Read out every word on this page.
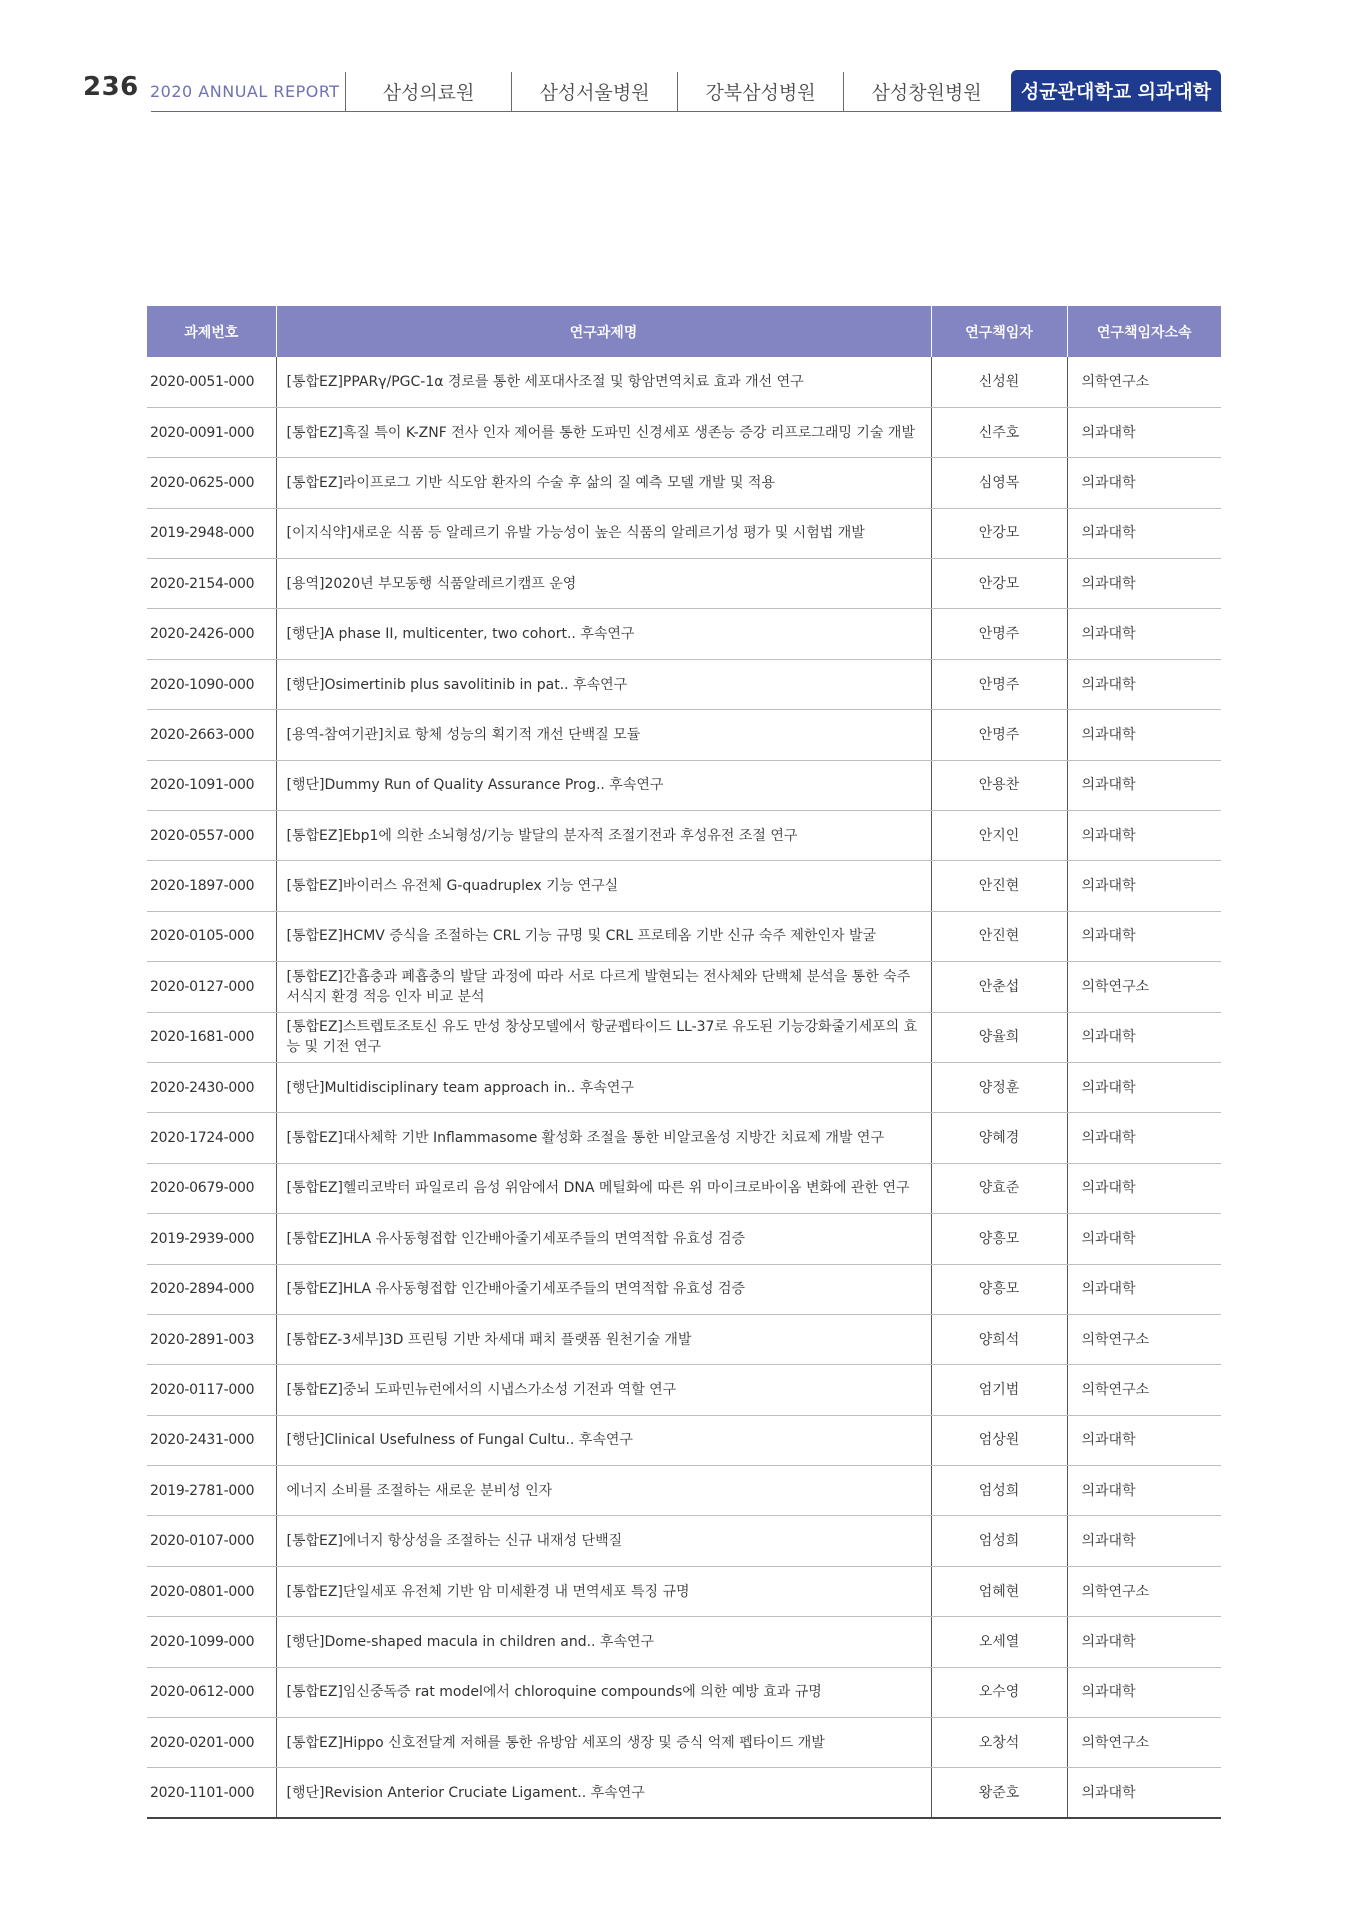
236 2020 ANNUAL REPORT	삼성의료원	삼성서울병원	강북삼성병원	삼성창원병원	성균관대학교 의과대학
과제번호	연구과제명	연구책임자	연구책임자소속
2020-0051-000	[통합EZ]PPARγ/PGC-1α 경로를 통한 세포대사조절 및 항암면역치료 효과 개선 연구	신성원	의학연구소
2020-0091-000	[통합EZ]흑질 특이 K-ZNF 전사 인자 제어를 통한 도파민 신경세포 생존능 증강 리프로그래밍 기술 개발	신주호	의과대학
2020-0625-000	[통합EZ]라이프로그 기반 식도암 환자의 수술 후 삶의 질 예측 모델 개발 및 적용	심영목	의과대학
2019-2948-000	[이지식약]새로운 식품 등 알레르기 유발 가능성이 높은 식품의 알레르기성 평가 및 시험법 개발	안강모	의과대학
2020-2154-000	[용역]2020년 부모동행 식품알레르기캠프 운영	안강모	의과대학
2020-2426-000	[행단]A phase II, multicenter, two cohort.. 후속연구	안명주	의과대학
2020-1090-000	[행단]Osimertinib plus savolitinib in pat.. 후속연구	안명주	의과대학
2020-2663-000	[용역-참여기관]치료 항체 성능의 획기적 개선 단백질 모듈	안명주	의과대학
2020-1091-000	[행단]Dummy Run of Quality Assurance Prog.. 후속연구	안용찬	의과대학
2020-0557-000	[통합EZ]Ebp1에 의한 소뇌형성/기능 발달의 분자적 조절기전과 후성유전 조절 연구	안지인	의과대학
2020-1897-000	[통합EZ]바이러스 유전체 G-quadruplex 기능 연구실	안진현	의과대학
2020-0105-000	[통합EZ]HCMV 증식을 조절하는 CRL 기능 규명 및 CRL 프로테옴 기반 신규 숙주 제한인자 발굴	안진현	의과대학
2020-0127-000	[통합EZ]간흡충과 폐흡충의 발달 과정에 따라 서로 다르게 발현되는 전사체와 단백체 분석을 통한 숙주 서식지 환경 적응 인자 비교 분석	안춘섭	의학연구소
2020-1681-000	[통합EZ]스트렙토조토신 유도 만성 창상모델에서 항균펩타이드 LL-37로 유도된 기능강화줄기세포의 효능 및 기전 연구	양율희	의과대학
2020-2430-000	[행단]Multidisciplinary team approach in.. 후속연구	양정훈	의과대학
2020-1724-000	[통합EZ]대사체학 기반 Inflammasome 활성화 조절을 통한 비알코올성 지방간 치료제 개발 연구	양혜경	의과대학
2020-0679-000	[통합EZ]헬리코박터 파일로리 음성 위암에서 DNA 메틸화에 따른 위 마이크로바이옴 변화에 관한 연구	양효준	의과대학
2019-2939-000	[통합EZ]HLA 유사동형접합 인간배아줄기세포주들의 면역적합 유효성 검증	양흥모	의과대학
2020-2894-000	[통합EZ]HLA 유사동형접합 인간배아줄기세포주들의 면역적합 유효성 검증	양흥모	의과대학
2020-2891-003	[통합EZ-3세부]3D 프린팅 기반 차세대 패치 플랫폼 원천기술 개발	양희석	의학연구소
2020-0117-000	[통합EZ]중뇌 도파민뉴런에서의 시냅스가소성 기전과 역할 연구	엄기범	의학연구소
2020-2431-000	[행단]Clinical Usefulness of Fungal Cultu.. 후속연구	엄상원	의과대학
2019-2781-000	에너지 소비를 조절하는 새로운 분비성 인자	엄성희	의과대학
2020-0107-000	[통합EZ]에너지 항상성을 조절하는 신규 내재성 단백질	엄성희	의과대학
2020-0801-000	[통합EZ]단일세포 유전체 기반 암 미세환경 내 면역세포 특징 규명	엄혜현	의학연구소
2020-1099-000	[행단]Dome-shaped macula in children and.. 후속연구	오세열	의과대학
2020-0612-000	[통합EZ]임신중독증 rat model에서 chloroquine compounds에 의한 예방 효과 규명	오수영	의과대학
2020-0201-000	[통합EZ]Hippo 신호전달계 저해를 통한 유방암 세포의 생장 및 증식 억제 펩타이드 개발	오창석	의학연구소
2020-1101-000	[행단]Revision Anterior Cruciate Ligament.. 후속연구	왕준호	의과대학
